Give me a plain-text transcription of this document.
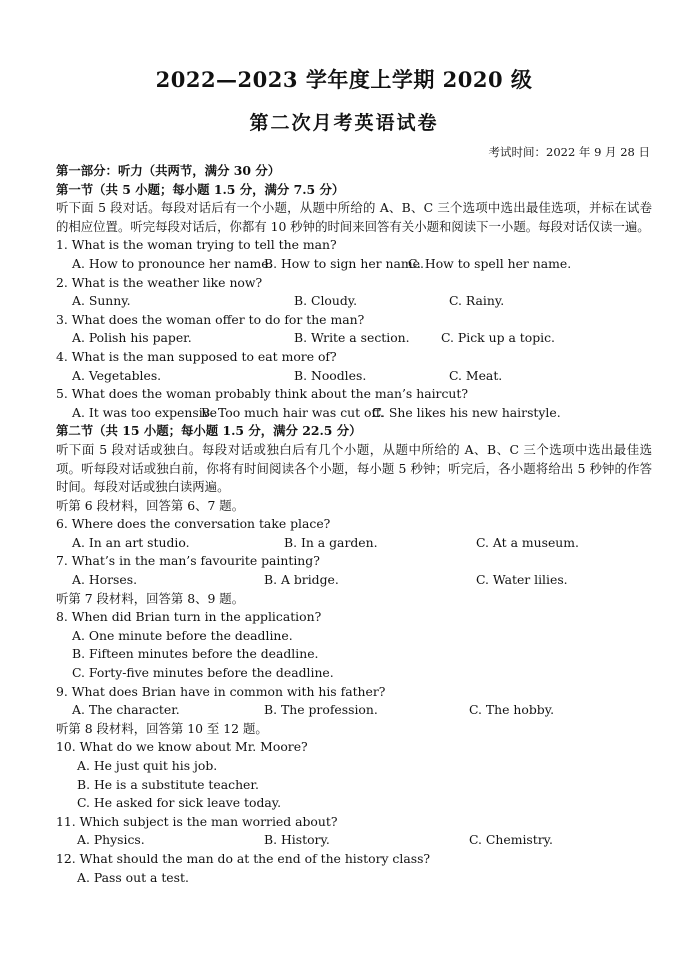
2022—2023 学年度上学期 2020 级
第二次月考英语试卷
考试时间：2022 年 9 月 28 日
第一部分：听力（共两节，满分 30 分）
第一节（共 5 小题；每小题 1.5 分，满分 7.5 分）
听下面 5 段对话。每段对话后有一个小题，从题中所给的 A、B、C 三个选项中选出最佳选项，并标在试卷的相应位置。听完每段对话后，你都有 10 秒钟的时间来回答有关小题和阅读下一小题。每段对话仅读一遍。
1. What is the woman trying to tell the man?
A. How to pronounce her name.
B. How to sign her name.
C. How to spell her name.
2. What is the weather like now?
A. Sunny.	B. Cloudy.	C. Rainy.
3. What does the woman offer to do for the man?
A. Polish his paper.	B. Write a section.	C. Pick up a topic.
4. What is the man supposed to eat more of?
A. Vegetables.	B. Noodles.	C. Meat.
5. What does the woman probably think about the man’s haircut?
A. It was too expensive
B. Too much hair was cut off.
C. She likes his new hairstyle.
第二节（共 15 小题；每小题 1.5 分，满分 22.5 分）
听下面 5 段对话或独白。每段对话或独白后有几个小题，从题中所给的 A、B、C 三个选项中选出最佳选项。听每段对话或独白前，你将有时间阅读各个小题，每小题 5 秒钟；听完后，各小题将给出 5 秒钟的作答时间。每段对话或独白读两遍。
听第 6 段材料，回答第 6、7 题。
6. Where does the conversation take place?
A. In an art studio.	B. In a garden.	C. At a museum.
7. What’s in the man’s favourite painting?
A. Horses.	B. A bridge.	C. Water lilies.
听第 7 段材料，回答第 8、9 题。
8. When did Brian turn in the application?
A. One minute before the deadline.
B. Fifteen minutes before the deadline.
C. Forty-five minutes before the deadline.
9. What does Brian have in common with his father?
A. The character.	B. The profession.	C. The hobby.
听第 8 段材料，回答第 10 至 12 题。
10. What do we know about Mr. Moore?
A. He just quit his job.
B. He is a substitute teacher.
C. He asked for sick leave today.
11. Which subject is the man worried about?
A. Physics.	B. History.	C. Chemistry.
12. What should the man do at the end of the history class?
A. Pass out a test.
